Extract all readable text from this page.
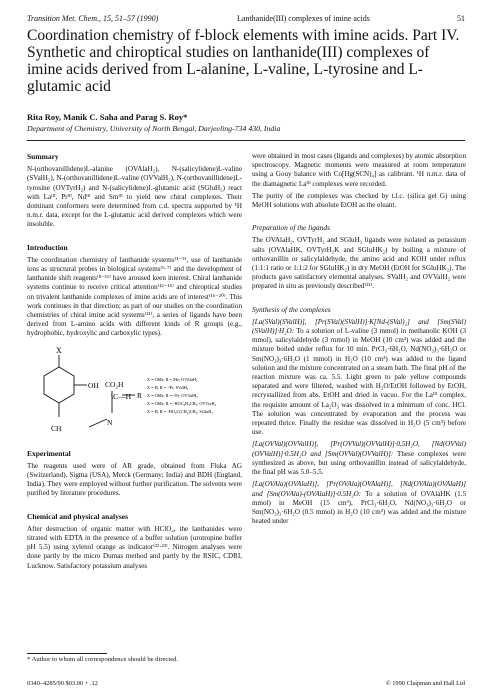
Transition Met. Chem., 15, 51–57 (1990)	Lanthanide(III) complexes of imine acids	51
Coordination chemistry of f-block elements with imine acids. Part IV. Synthetic and chiroptical studies on lanthanide(III) complexes of imine acids derived from L-alanine, L-valine, L-tyrosine and L-glutamic acid
Rita Roy, Manik C. Saha and Parag S. Roy*
Department of Chemistry, University of North Bengal, Darjeeling-734 430, India
Summary

N-(orthovanillidene)L-alanine (OVAlaH₂), N-(salicylidene)L-valine (SValH₂), N-(orthovanillidene)L-valine (OVValH₂), N-(orthovanillidene)L-tyrosine (OVTyrH₂) and N-(salicylidene)L-glutamic acid (SGluH₃) react with Laᴵᴵᴵ, Prᴵᴵᴵ, Ndᴵᴵᴵ and Smᴵᴵᴵ to yield new chiral complexes. Their dominant conformers were determined from c.d. spectra supported by ¹H n.m.r. data, except for the L-glutamic acid derived complexes which were insoluble.

Introduction

The coordination chemistry of lanthanide systems⁽¹⁻⁵⁾, use of lanthanide ions as structural probes in biological systems⁽⁶·⁷⁾ and the development of lanthanide shift reagents⁽⁸⁻¹¹⁾ have aroused keen interest. Chiral lanthanide systems continue to receive critical attention⁽¹²⁻¹⁵⁾ and chiroptical studies on trivalent lanthanide complexes of imine acids are of interest⁽¹⁶⁻²⁰⁾. This work continues in that direction; as part of our studies on the coordination chemistries of chiral imine acid systems⁽²¹⁾, a series of ligands have been derived from L-amino acids with different kinds of R groups (e.g., hydrophobic, hydroxylic and carboxylic types).

X
OH CO₂H
\C—H R
CH
N
X = OMe, R = Me; OVAlaH₂
X = H, R = -ⁱPr; SValH₂
X = OMe, R = -ⁱPr; OVValH₂
X = OMe, R = -HOC₆H₄CH₂; OVTyrH₂
X = H, R = -HO₂C(CH₂)CH₂; SGluH₃
Experimental

The reagents used were of AR grade, obtained from Fluka AG (Switzerland), Sigma (USA), Merck (Germany; India) and BDH (England, India). They were employed without further purification. The solvents were purified by literature procedures.

Chemical and physical analyses

After destruction of organic matter with HClO₄, the lanthanides were titrated with EDTA in the presence of a buffer solution (urotropine buffer pH 5.5) using xylenol orange as indicator⁽²²·²³⁾. Nitrogen analyses were done partly by the micro Dumas method and partly by the RSIC, CDRI, Lucknow. Satisfactory potassium analyses

were obtained in most cases (ligands and complexes) by atomic absorption spectroscopy. Magnetic moments were measured at room temperature using a Gouy balance with Co[Hg(SCN)₄] as calibrant. ¹H n.m.r. data of the diamagnetic Laᴵᴵᴵ complexes were recorded.

The purity of the complexes was checked by t.l.c. (silica gel G) using MeOH solutions with absolute EtOH as the eluant.

Preparation of the ligands

The OVAlaH₂, OVTyrH₂ and SGluH₃ ligands were isolated as potassium salts (OVAlaHK, OVTyrH₂K and SGluHK₂) by boiling a mixture of orthovanillin or salicylaldehyde, the amino acid and KOH under reflux (1:1:1 ratio or 1:1:2 for SGluHK₂) in dry MeOH (EtOH for SGluHK₂). The products gave satisfactory elemental analyses. SValH₂ and OVValH₂ were prepared in situ as previously described⁽²¹⁾.

Synthesis of the complexes

[La(SVal)(SValH)], [Pr(SVal)(SValH)]·K[Nd-(SVal)₂] and [Sm(SVal)(SValH)]·H₂O: To a solution of L-valine (3 mmol) in methanolic KOH (3 mmol), salicylaldehyde (3 mmol) in MeOH (10 cm³) was added and the mixture boiled under reflux for 10 min. PrCl₃·6H₂O, Nd(NO₃)₃·6H₂O or Sm(NO₃)₃·6H₂O (1 mmol) in H₂O (10 cm³) was added to the ligand solution and the mixture concentrated on a steam bath. The final pH of the reaction mixture was ca. 5.5. Light green to pale yellow compounds separated and were filtered, washed with H₂O/EtOH followed by EtOH, recrystallized from abs. EtOH and dried in vacuo. For the Laᴵᴵᴵ complex, the requisite amount of La₂O₃ was dissolved in a minimum of conc. HCl. The solution was concentrated by evaporation and the process was repeated thrice. Finally the residue was dissolved in H₂O (5 cm³) before use.

[La(OVVal)(OVValH)], [Pr(OVVal)(OVValH)]·0.5H₂O, [Nd(OVVal)(OVValH)]·0.5H₂O and [Sm(OVVal)(OVValH)]: These complexes were synthesized as above, but using orthovanillin instead of salicylaldehyde, the final pH was 5.0–5.5.

[La(OVAla)(OVAlaH)], [Pr(OVAla)(OVAlaH)], [Nd(OVAla)(OVAlaH)] and [Sm(OVAla)-(OVAlaH)]·0.5H₂O: To a solution of OVAlaHK (1.5 mmol) in MeOH (15 cm³), PrCl₃·6H₂O, Nd(NO₃)₃·6H₂O or Sm(NO₃)₃·6H₂O (0.5 mmol) in H₂O (10 cm³) was added and the mixture heated under

* Author to whom all correspondence should be directed.
0340–4285/90 $03.00 + .12	© 1990 Chapman and Hall Ltd
